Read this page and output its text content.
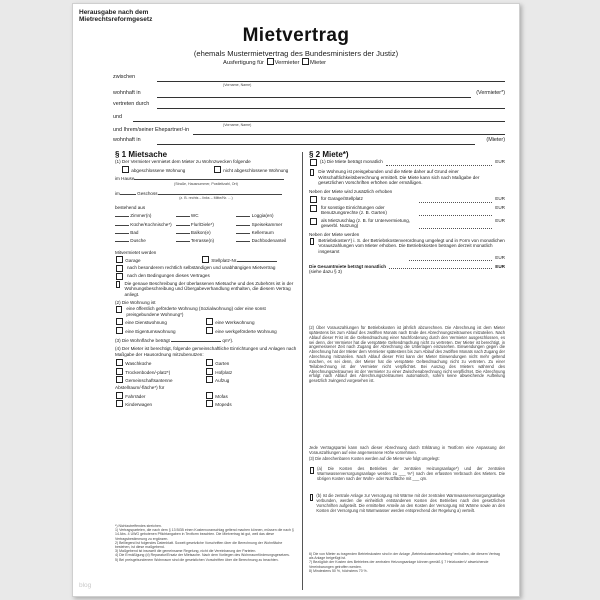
Herausgabe nach dem
Mietrechtsreformgesetz
Mietvertrag
(ehemals Mustermietvertrag des Bundesministers der Justiz)
Ausfertigung für Vermieter Mieter
zwischen
(Vorname, Name)
wohnhaft in	(Vermieter*)
vertreten durch
und
(Vorname, Name)
und Ihrem/seiner Ehepartner/-in
wohnhaft in	(Mieter)
§ 1 Mietsache
(1) Der Vermieter vermietet dem Mieter zu Wohnzwecken folgende
abgeschlossene Wohnung	nicht abgeschlossene Wohnung
im Hause
(Straße, Hausnummer, Postleitzahl, Ort)
im	Geschoss
(z. B. rechts – links – Mitte/Nr. …)
bestehend aus
Zimmer(n)	WC	Loggia(en)
Küche/Kochnische*)	Flur/Diele*)	Speisekammer
Bad	Balkon(e)	Kellerraum
Dusche	Terrasse(n)	Dachbodenanteil
Mitvermietet werden
Garage	Stellplatz-Nr.
nach besonderem rechtlich selbständigen und unabhängigen Mietvertrag
nach den Bedingungen dieses Vertrages
Die genaue Beschreibung der überlassenen Mietsache und des Zubehörs ist in der Wohnungsbeschreibung und Übergabeverhandlung enthalten, die diesem Vertrag anliegt.
(2) Die Wohnung ist
eine öffentlich geförderte Wohnung (Sozialwohnung) oder eine sonst preisgebundene Wohnung*)
eine Dienstwohnung	eine Werkwohnung
eine Eigentumswohnung	eine werkgeförderte Wohnung
(3) Die Wohnfläche beträgt	qm*).
(4) Der Mieter ist berechtigt, folgende gemeinschaftliche Einrichtungen und Anlagen nach Maßgabe der Hausordnung mitzubenutzen:
Waschküche	Garten
Trockenboden/-platz*)	Hofplatz
Gemeinschaftsantenne	Aufzug
Abstellraum/-fläche*) für
Fahrräder	Mofas
Kinderwagen	Mopeds
*) Nichtzutreffendes streichen.
1) Vertragsparteien, die nach dem § 13 BGB einen Kostenvoranschlag geltend machen können, müssen die nach § 14 Abs. 4 UWG gebotenen Pflichtangaben in Textform beachten. Die Mietvertrag ist gut, weil das diese Vertragsbestimmung zu ergänzen.
2) Beiliegend ist folgendes Datenblatt. Soweit gesetzliche Vorschriften über die Berechnung der Wohnfläche bestehen, ist diese maßgebend.
3) Maßgebend ist insoweit die gemeinsame Regelung, nicht die Vereinbarung der Parteien.
4) Die Ermäßigung (d) Reparatur/Ersatz der Mietsache. Nach dem Vorliegen des Wohnraumförderungsgesetzes.
5) Bei preisgebundenem Wohnraum sind die gesetzlichen Vorschriften über die Berechnung zu beachten.
§ 2 Miete*)
(1) Die Miete beträgt monatlich	EUR
Die Wohnung ist preisgebunden und die Miete daher auf Grund einer Wirtschaftlichkeitsberechnung ermittelt. Die Miete kann sich nach Maßgabe der gesetzlichen Vorschriften erhöhen oder ermäßigen.
Neben der Miete wird zusätzlich erhoben
für Garage/Stellplatz	EUR
für sonstige Einrichtungen oder Benutzungsrechte (z. B. Garten)
EUR
als Mietzuschlag (z. B. für Untervermietung, gewerbl. Nutzung)
EUR
Neben der Miete werden
Betriebskosten*) i. S. der Betriebskostenverordnung umgelegt und in Form von monatlichen Vorauszahlungen vom Mieter erhoben. Die Betriebskosten betragen derzeit monatlich insgesamt
EUR
Die Gesamtmiete beträgt monatlich	EUR
(siehe dazu § 3)
(2) Über Vorauszahlungen für Betriebskosten ist jährlich abzurechnen. Die Abrechnung ist dem Mieter spätestens bis zum Ablauf des zwölften Monats nach Ende des Abrechnungszeitraumes mitzuteilen. Nach Ablauf dieser Frist ist die Geltendmachung einer Nachforderung durch den Vermieter ausgeschlossen, es sei denn, der Vermieter hat die verspätete Geltendmachung nicht zu vertreten. Der Mieter ist berechtigt, in angemessener Zeit nach Zugang der Abrechnung die Unterlagen einzusehen. Einwendungen gegen die Abrechnung hat der Mieter dem Vermieter spätestens bis zum Ablauf des zwölften Monats nach Zugang der Abrechnung mitzuteilen. Nach Ablauf dieser Frist kann der Mieter Einwendungen nicht mehr geltend machen, es sei denn, der Mieter hat die verspätete Geltendmachung nicht zu vertreten. Zu einer Teilabrechnung ist der Vermieter nicht verpflichtet. Bei Auszug des Mieters während des Abrechnungszeitraumes ist der Vermieter zu einer Zwischenabrechnung nicht verpflichtet. Die Abrechnung erfolgt nach Ablauf des Abrechnungszeitraumes automatisch, sofern keine abweichende Aufteilung gesetzlich zwingend vorgesehen ist.
Jede Vertragspartei kann nach dieser Abrechnung durch Erklärung in Textform eine Anpassung der Vorauszahlungen auf eine angemessene Höhe vornehmen.
(3) Die abrechenbaren Kosten werden auf die Mieter wie folgt umgelegt:
(a) Die Kosten des Betriebes der zentralen Heizungsanlage*) und der zentralen Warmwasserversorgungsanlage werden zu ___ %*) nach den erfassten Verbrauch des Mieters. Die übrigen Kosten nach der Wohn- oder Nutzfläche mit ___ qm.
(b) Ist die zentrale Anlage zur Versorgung mit Wärme mit der zentralen Warmwasserversorgungsanlage verbunden, werden die einheitlich entstandenen Kosten des Betriebes nach den gesetzlichen Vorschriften aufgeteilt. Die ermittelten Anteile an den Kosten der Versorgung mit Wärme sowie an den Kosten der Versorgung mit Warmwasser werden entsprechend der Regelung a) verteilt.
6) Die von Mieter zu tragenden Betriebskosten sind in der Anlage „Betriebskostenaufstellung“ enthalten, die diesem Vertrag als Anlage beigefügt ist.
7) Bezüglich der Kosten des Betriebes der zentralen Heizungsanlage können gemäß § 7 HeizkostenV abweichende Vereinbarungen getroffen werden.
8) Mindestens 50 %, höchstens 70 %.
blog
